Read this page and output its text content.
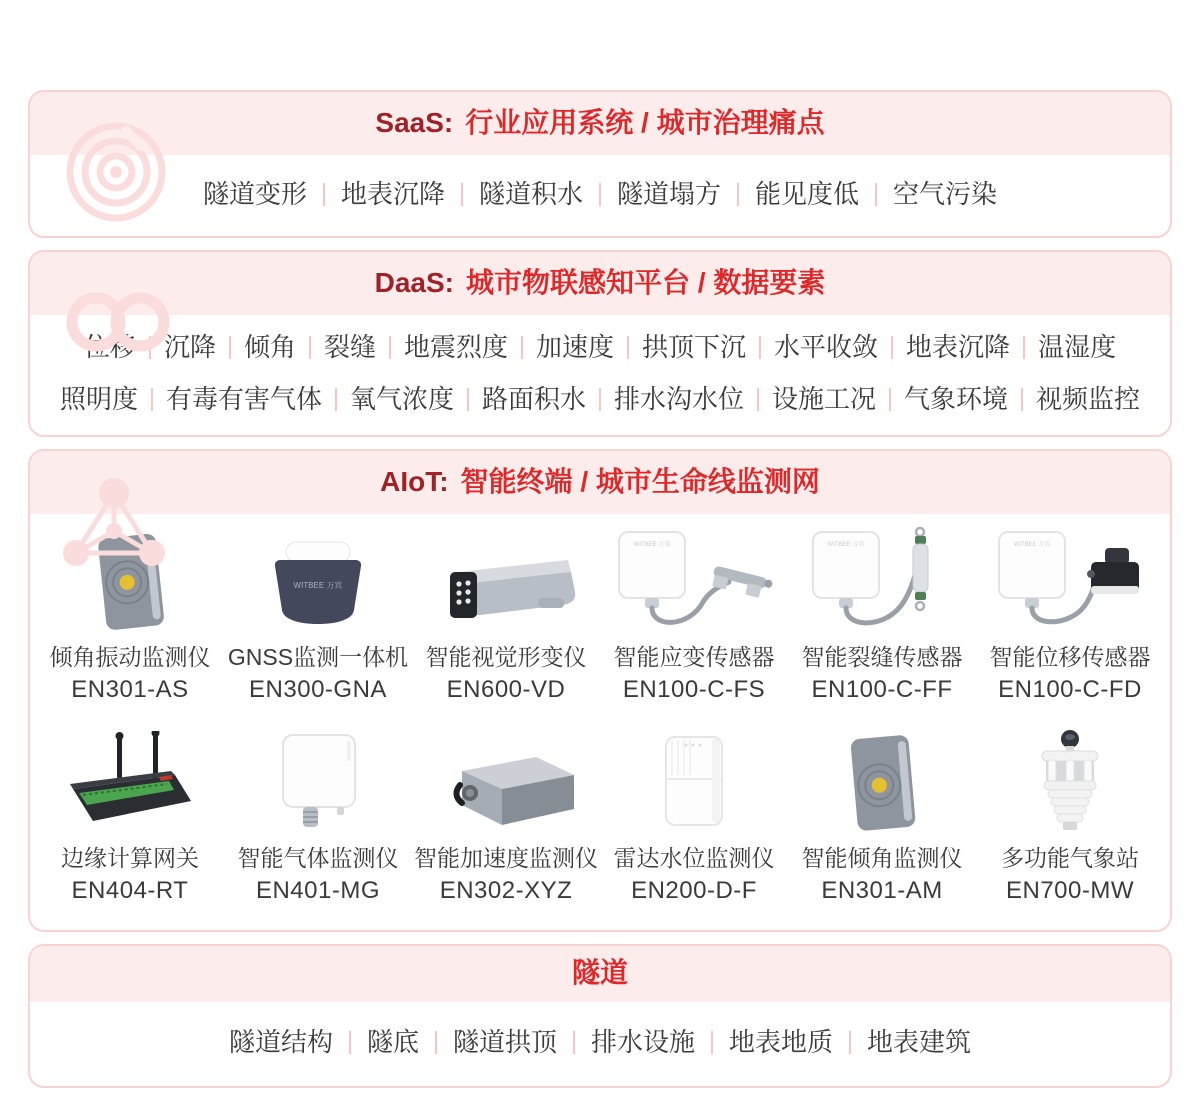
SaaS: 行业应用系统 / 城市治理痛点
隧道变形	地表沉降	隧道积水	隧道塌方	能见度低	空气污染
DaaS: 城市物联感知平台 / 数据要素
位移	沉降	倾角	裂缝	地震烈度	加速度	拱顶下沉	水平收敛	地表沉降	温湿度
照明度	有毒有害气体	氧气浓度	路面积水	排水沟水位	设施工况	气象环境	视频监控
AIoT: 智能终端 / 城市生命线监测网
倾角振动监测仪
EN301-AS
WITBEE 万宾
GNSS监测一体机
EN300-GNA
智能视觉形变仪
EN600-VD
WITBEE 万宾
智能应变传感器
EN100-C-FS
WITBEE 万宾
智能裂缝传感器
EN100-C-FF
WITBEE 万宾
智能位移传感器
EN100-C-FD
边缘计算网关
EN404-RT
智能气体监测仪
EN401-MG
智能加速度监测仪
EN302-XYZ
雷达水位监测仪
EN200-D-F
智能倾角监测仪
EN301-AM
多功能气象站
EN700-MW
隧道
隧道结构	隧底	隧道拱顶	排水设施	地表地质	地表建筑
